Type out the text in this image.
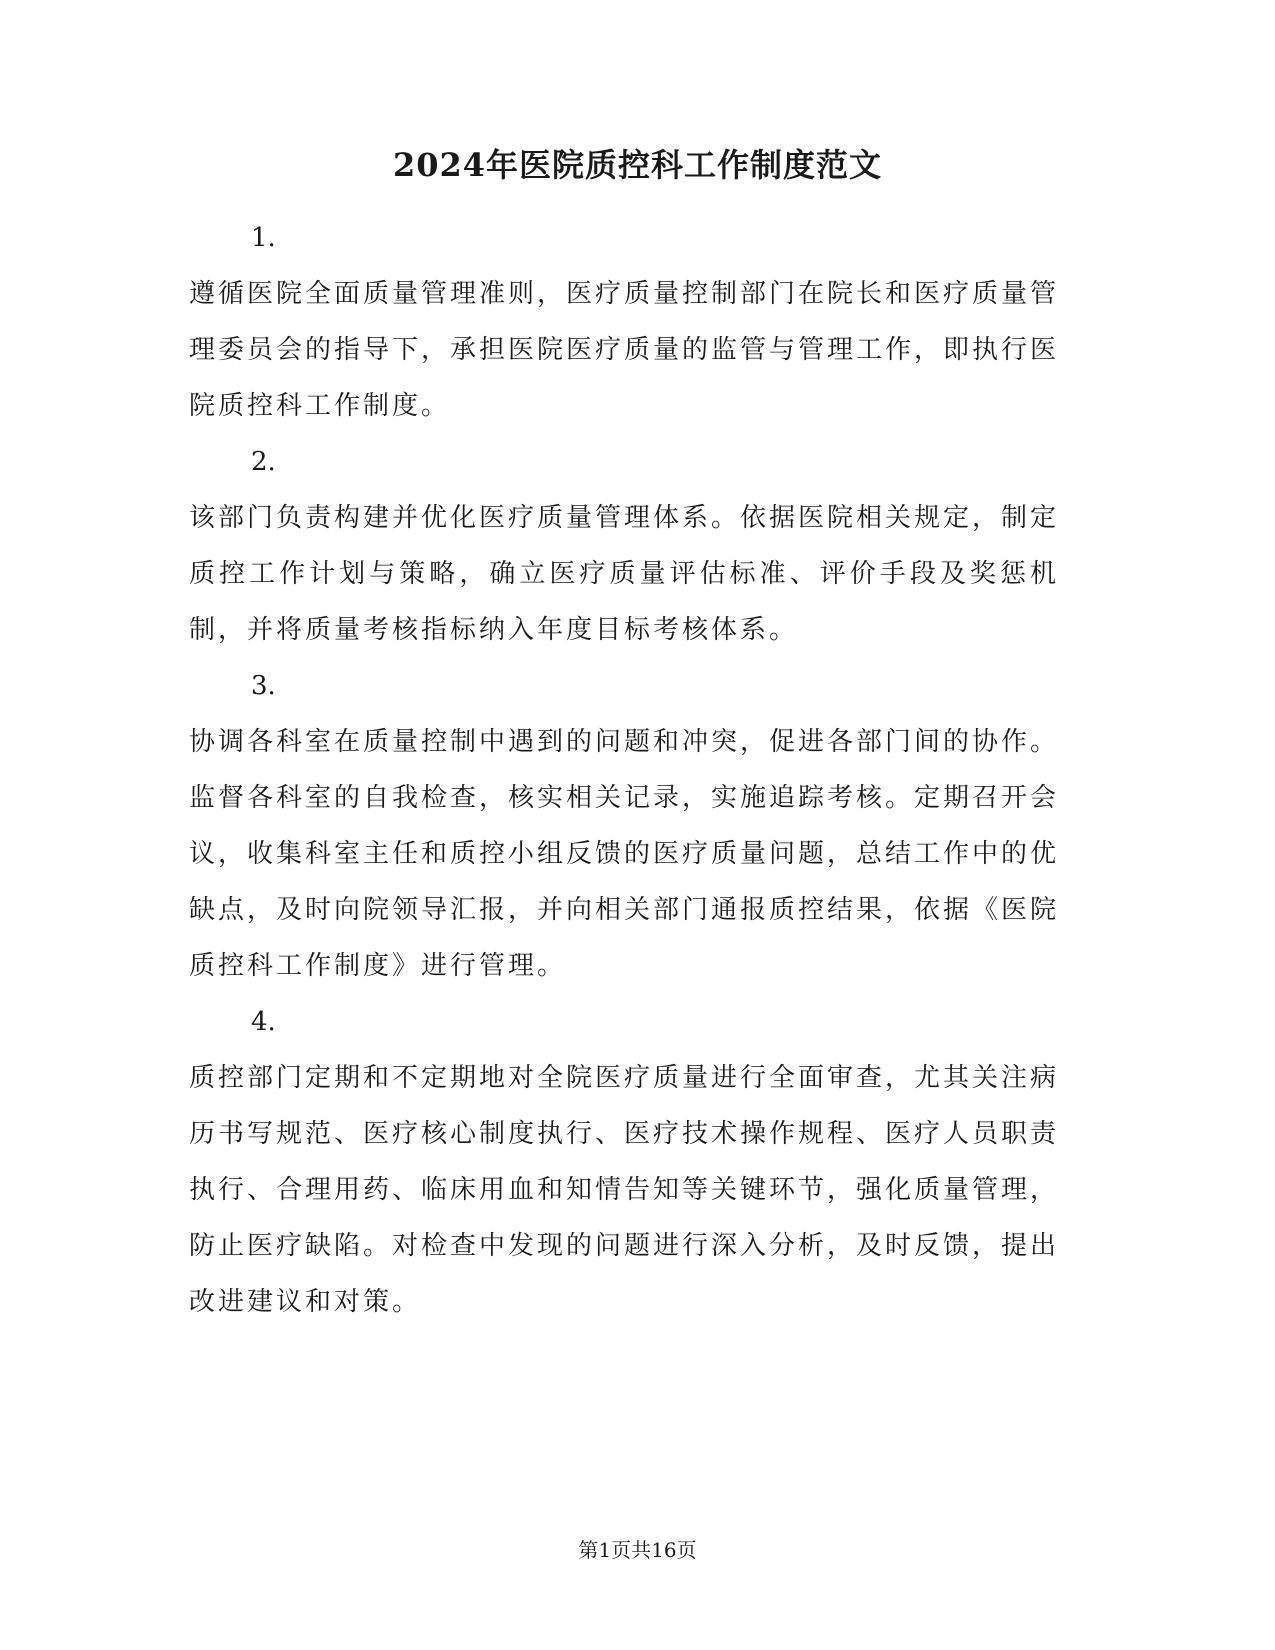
2024年医院质控科工作制度范文

1.

遵循医院全面质量管理准则，医疗质量控制部门在院长和医疗质量管理委员会的指导下，承担医院医疗质量的监管与管理工作，即执行医院质控科工作制度。

2.

该部门负责构建并优化医疗质量管理体系。依据医院相关规定，制定质控工作计划与策略，确立医疗质量评估标准、评价手段及奖惩机制，并将质量考核指标纳入年度目标考核体系。

3.

协调各科室在质量控制中遇到的问题和冲突，促进各部门间的协作。监督各科室的自我检查，核实相关记录，实施追踪考核。定期召开会议，收集科室主任和质控小组反馈的医疗质量问题，总结工作中的优缺点，及时向院领导汇报，并向相关部门通报质控结果，依据《医院质控科工作制度》进行管理。

4.

质控部门定期和不定期地对全院医疗质量进行全面审查，尤其关注病历书写规范、医疗核心制度执行、医疗技术操作规程、医疗人员职责执行、合理用药、临床用血和知情告知等关键环节，强化质量管理，防止医疗缺陷。对检查中发现的问题进行深入分析，及时反馈，提出改进建议和对策。

第1页共16页
